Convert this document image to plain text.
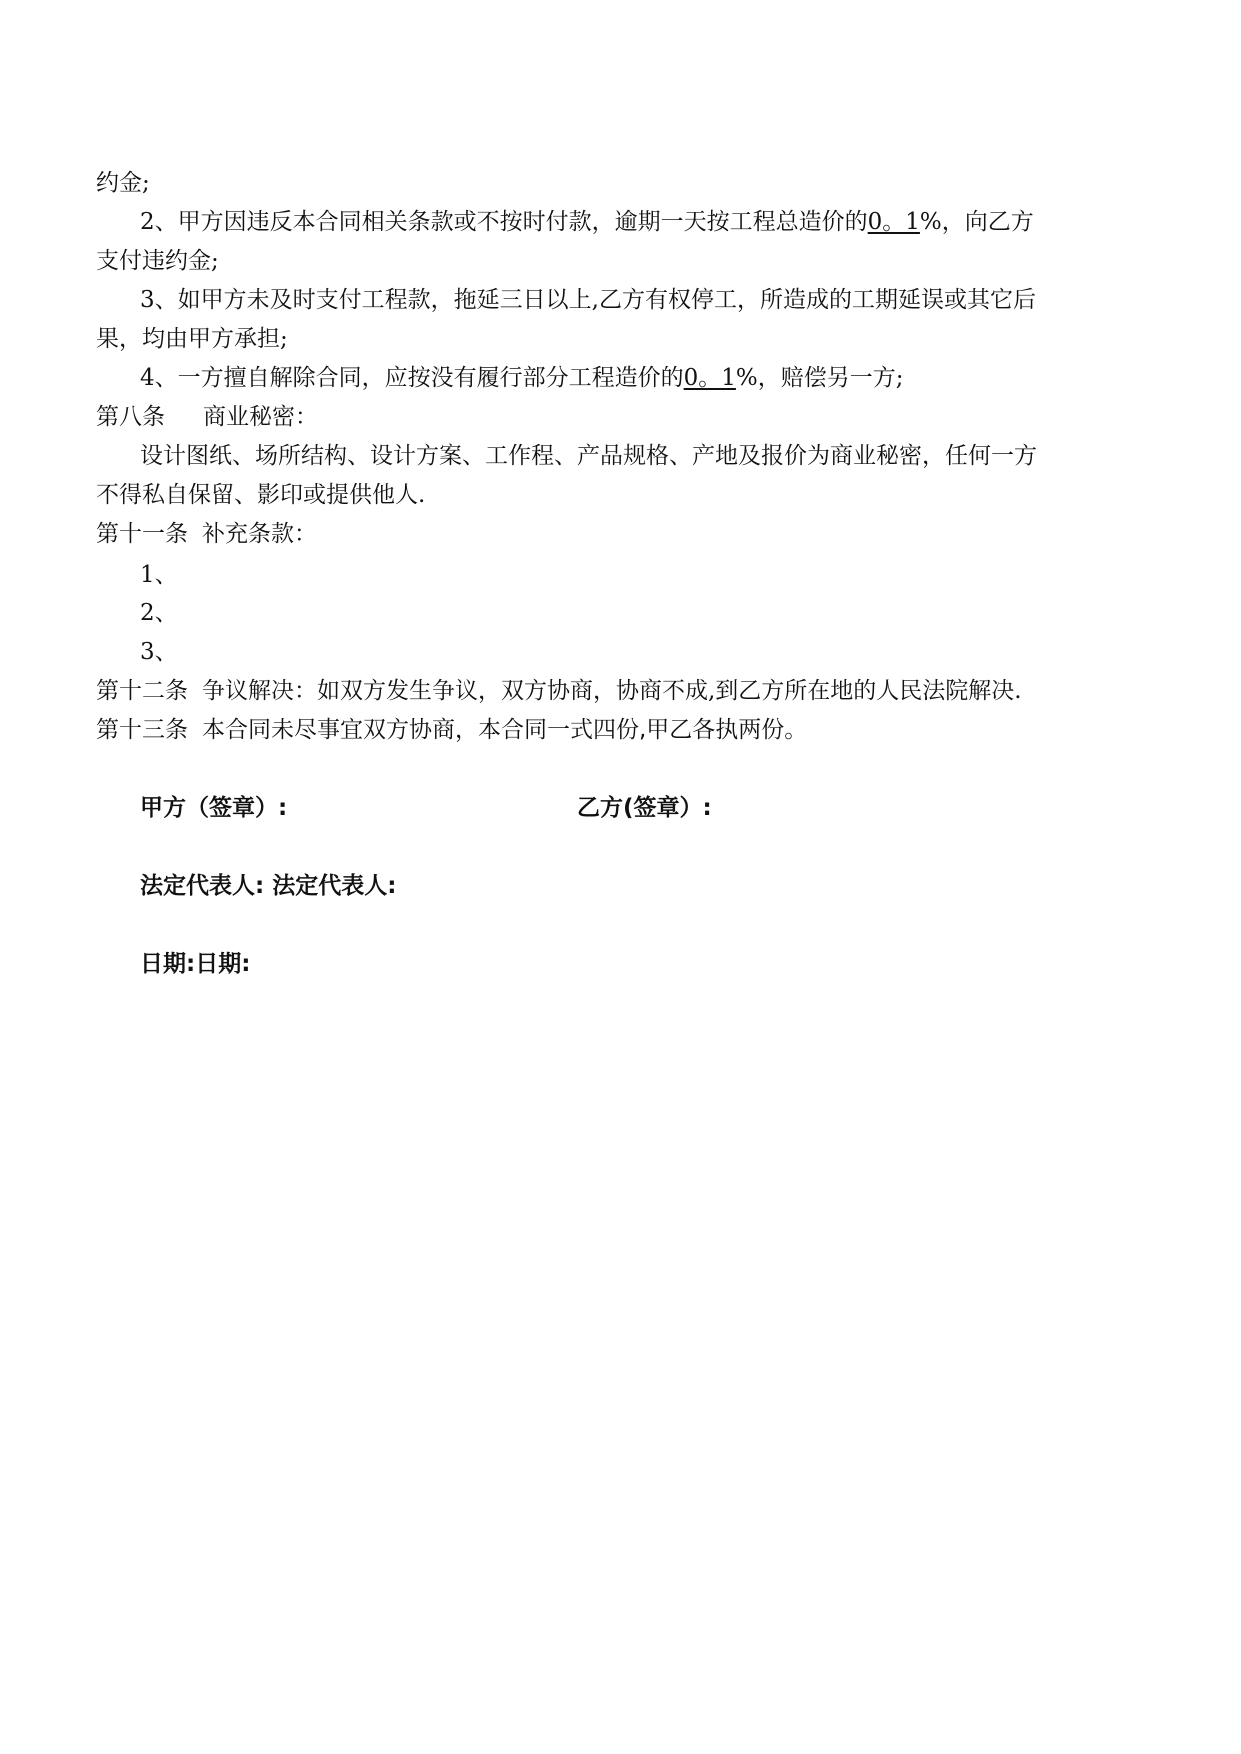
约金;
2、甲方因违反本合同相关条款或不按时付款，逾期一天按工程总造价的0。1%，向乙方
支付违约金;
3、如甲方未及时支付工程款，拖延三日以上,乙方有权停工，所造成的工期延误或其它后
果，均由甲方承担;
4、一方擅自解除合同，应按没有履行部分工程造价的0。1%，赔偿另一方;
第八条 商业秘密：
设计图纸、场所结构、设计方案、工作程、产品规格、产地及报价为商业秘密，任何一方
不得私自保留、影印或提供他人.
第十一条 补充条款：
1、
2、
3、
第十二条 争议解决：如双方发生争议，双方协商，协商不成,到乙方所在地的人民法院解决.
第十三条 本合同未尽事宜双方协商，本合同一式四份,甲乙各执两份。
甲方（签章）:	乙方(签章）:
法定代表人: 法定代表人:
日期:日期:
